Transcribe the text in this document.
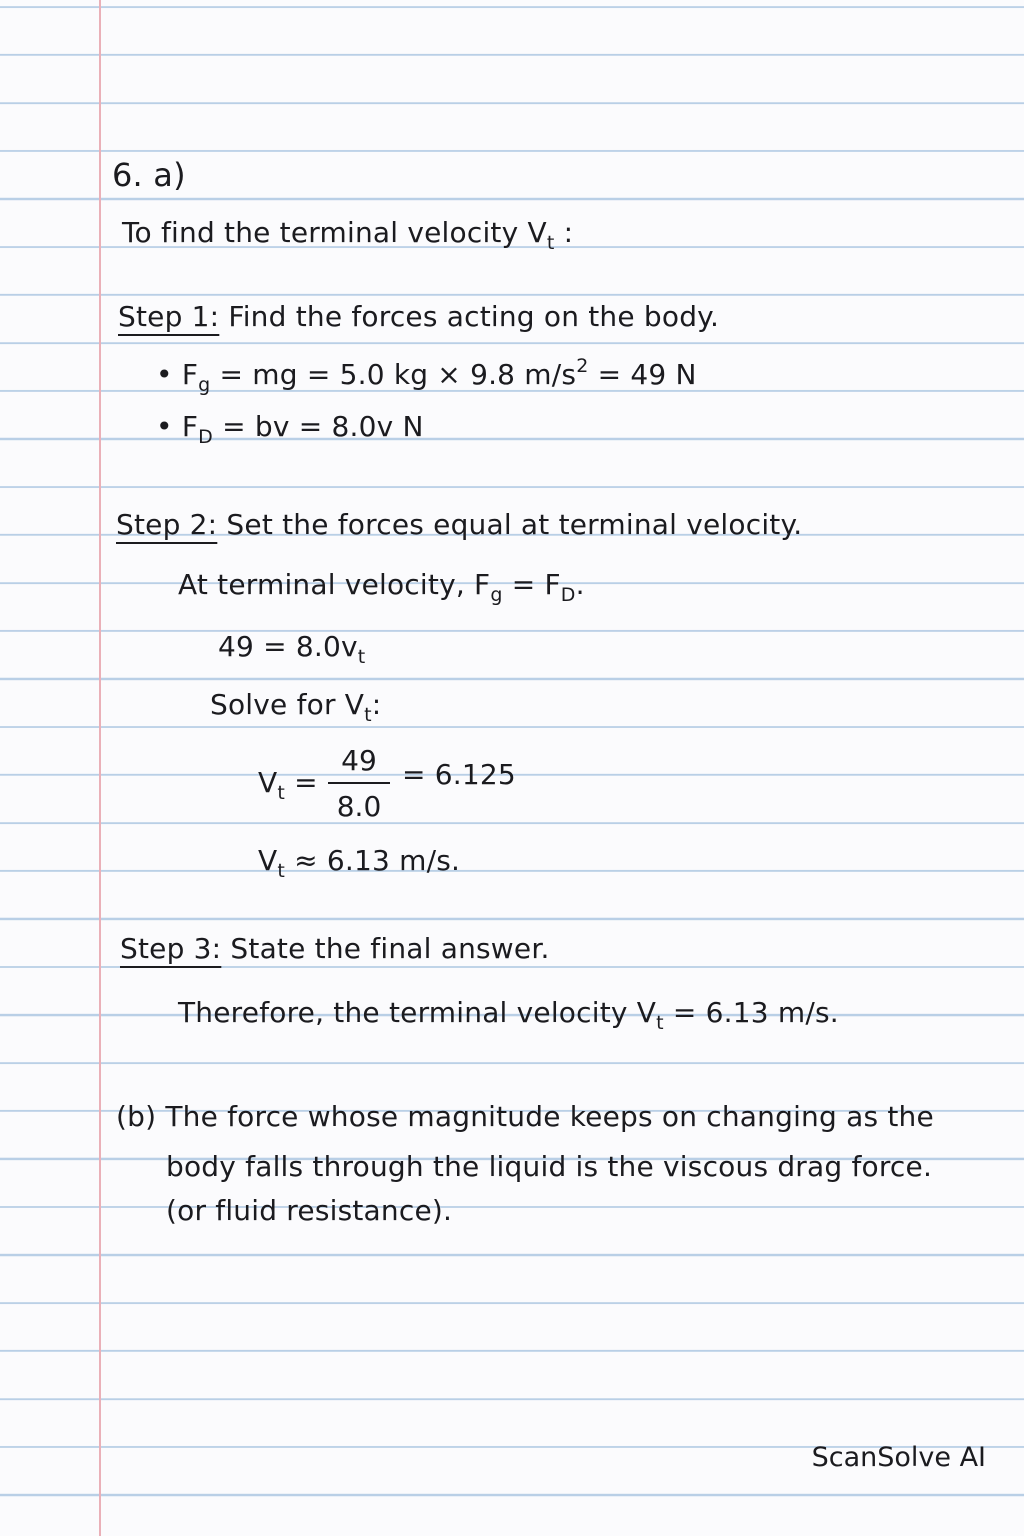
6. a)
To find the terminal velocity $V_t$ :
Step 1: Find the forces acting on the body.
• $F_g$ = mg = 5.0 kg × 9.8 $m/s^2 = 49$ N
• $F_D$ = bv = 8.0v N
Step 2: Set the forces equal at terminal velocity.
At terminal velocity, $F_g = F_D$.
$49 = 8.0v_t$
Solve for $V_t$:
$V_t$ =
49
8.0
= 6.125
$V_t \approx 6.13$ m/s.
Step 3: State the final answer.
Therefore, the terminal velocity $V_t = 6.13$ m/s.
(b) The force whose magnitude keeps on changing as the
body falls through the liquid is the viscous drag force.
(or fluid resistance).
ScanSolve AI
